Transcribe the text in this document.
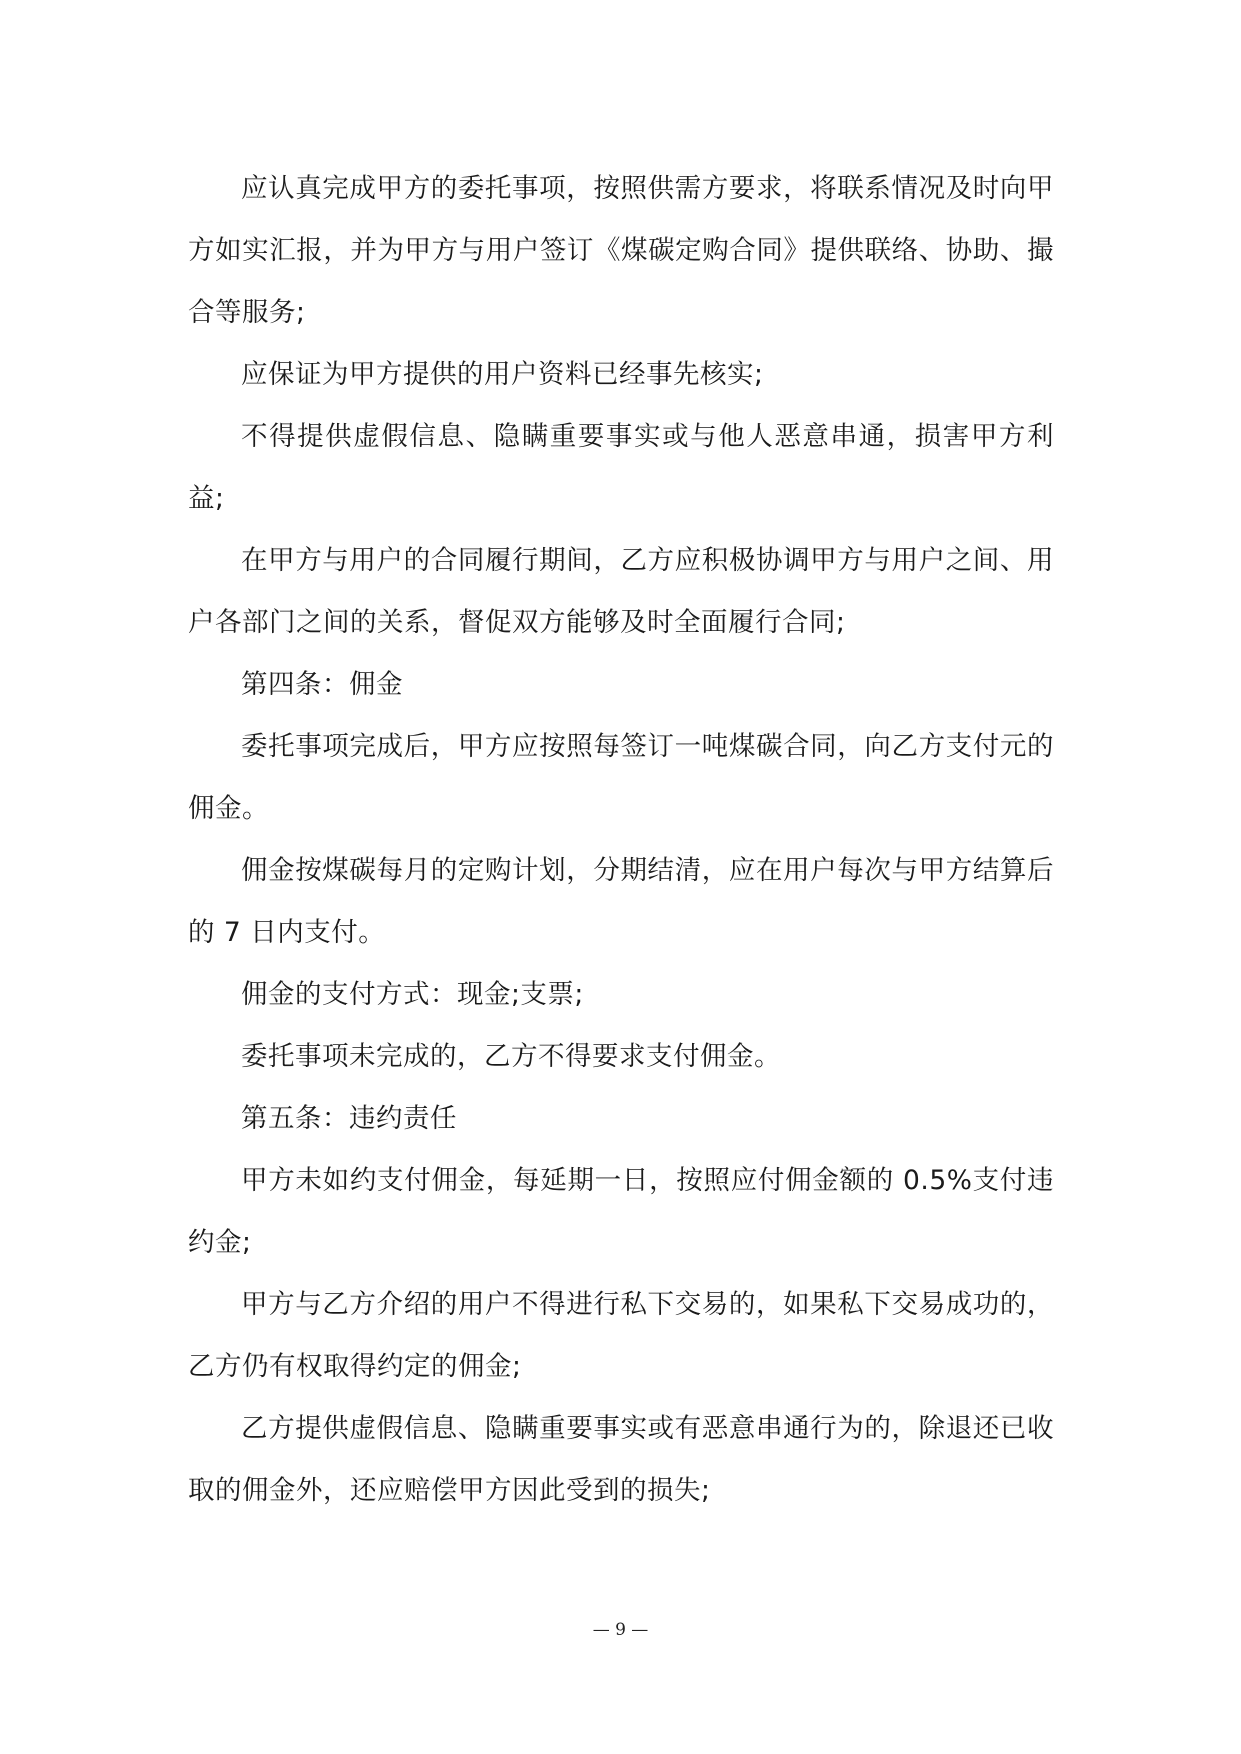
应认真完成甲方的委托事项，按照供需方要求，将联系情况及时向甲方如实汇报，并为甲方与用户签订《煤碳定购合同》提供联络、协助、撮合等服务;

应保证为甲方提供的用户资料已经事先核实;

不得提供虚假信息、隐瞒重要事实或与他人恶意串通，损害甲方利益;

在甲方与用户的合同履行期间，乙方应积极协调甲方与用户之间、用户各部门之间的关系，督促双方能够及时全面履行合同;

第四条：佣金

委托事项完成后，甲方应按照每签订一吨煤碳合同，向乙方支付元的佣金。

佣金按煤碳每月的定购计划，分期结清，应在用户每次与甲方结算后的 7 日内支付。

佣金的支付方式：现金;支票;

委托事项未完成的，乙方不得要求支付佣金。

第五条：违约责任

甲方未如约支付佣金，每延期一日，按照应付佣金额的 0.5%支付违约金;

甲方与乙方介绍的用户不得进行私下交易的，如果私下交易成功的，乙方仍有权取得约定的佣金;

乙方提供虚假信息、隐瞒重要事实或有恶意串通行为的，除退还已收取的佣金外，还应赔偿甲方因此受到的损失;

— 9 —
